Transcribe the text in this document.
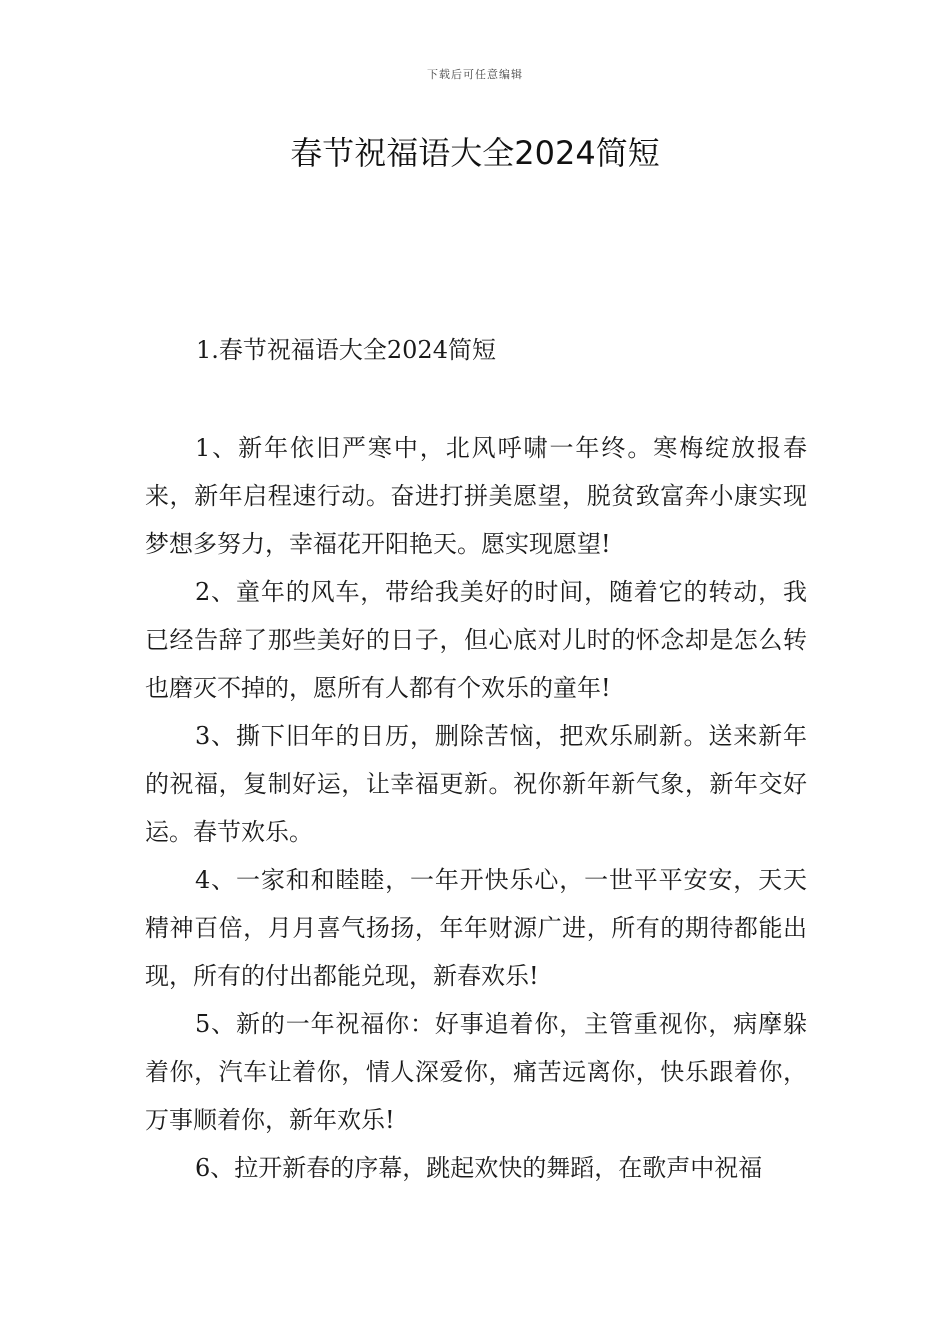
下载后可任意编辑
春节祝福语大全2024简短
1.春节祝福语大全2024简短

1、新年依旧严寒中，北风呼啸一年终。寒梅绽放报春来，新年启程速行动。奋进打拼美愿望，脱贫致富奔小康实现梦想多努力，幸福花开阳艳天。愿实现愿望!

2、童年的风车，带给我美好的时间，随着它的转动，我已经告辞了那些美好的日子，但心底对儿时的怀念却是怎么转也磨灭不掉的，愿所有人都有个欢乐的童年!

3、撕下旧年的日历，删除苦恼，把欢乐刷新。送来新年的祝福，复制好运，让幸福更新。祝你新年新气象，新年交好运。春节欢乐。

4、一家和和睦睦，一年开快乐心，一世平平安安，天天精神百倍，月月喜气扬扬，年年财源广进，所有的期待都能出现，所有的付出都能兑现，新春欢乐!

5、新的一年祝福你：好事追着你，主管重视你，病摩躲着你，汽车让着你，情人深爱你，痛苦远离你，快乐跟着你，万事顺着你，新年欢乐!

6、拉开新春的序幕，跳起欢快的舞蹈，在歌声中祝福
